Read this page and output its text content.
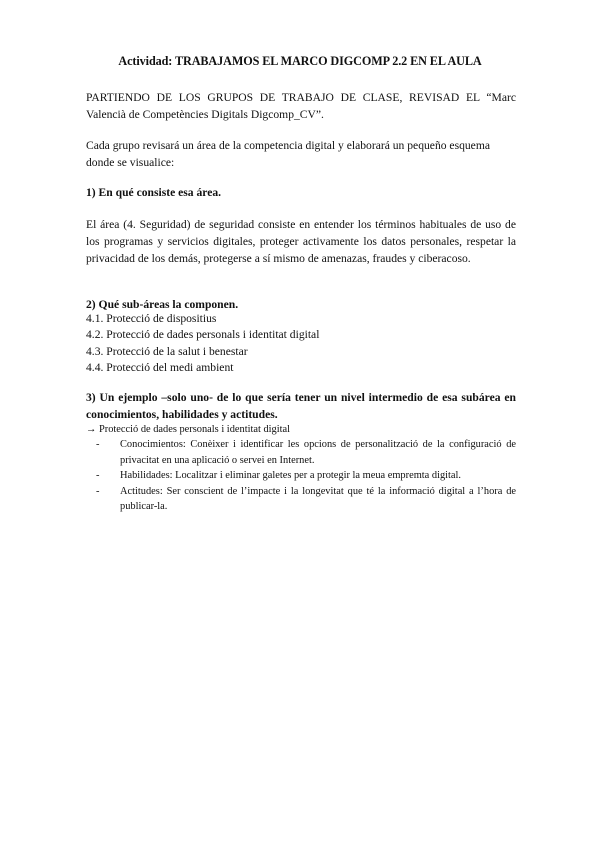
Actividad: TRABAJAMOS EL MARCO DIGCOMP 2.2 EN EL AULA
PARTIENDO DE LOS GRUPOS DE TRABAJO DE CLASE, REVISAD EL “Marc Valencià de Competències Digitals Digcomp_CV”.
Cada grupo revisará un área de la competencia digital y elaborará un pequeño esquema donde se visualice:
1) En qué consiste esa área.
El área (4. Seguridad) de seguridad consiste en entender los términos habituales de uso de los programas y servicios digitales, proteger activamente los datos personales, respetar la privacidad de los demás, protegerse a sí mismo de amenazas, fraudes y ciberacoso.
2) Qué sub-áreas la componen.
4.1. Protecció de dispositius
4.2. Protecció de dades personals i identitat digital
4.3. Protecció de la salut i benestar
4.4. Protecció del medi ambient
3) Un ejemplo –solo uno- de lo que sería tener un nivel intermedio de esa subárea en conocimientos, habilidades y actitudes.
→ Protecció de dades personals i identitat digital
-	Conocimientos: Conèixer i identificar les opcions de personalització de la configuració de privacitat en una aplicació o servei en Internet.
-	Habilidades: Localitzar i eliminar galetes per a protegir la meua empremta digital.
-	Actitudes: Ser conscient de l’impacte i la longevitat que té la informació digital a l’hora de publicar-la.
